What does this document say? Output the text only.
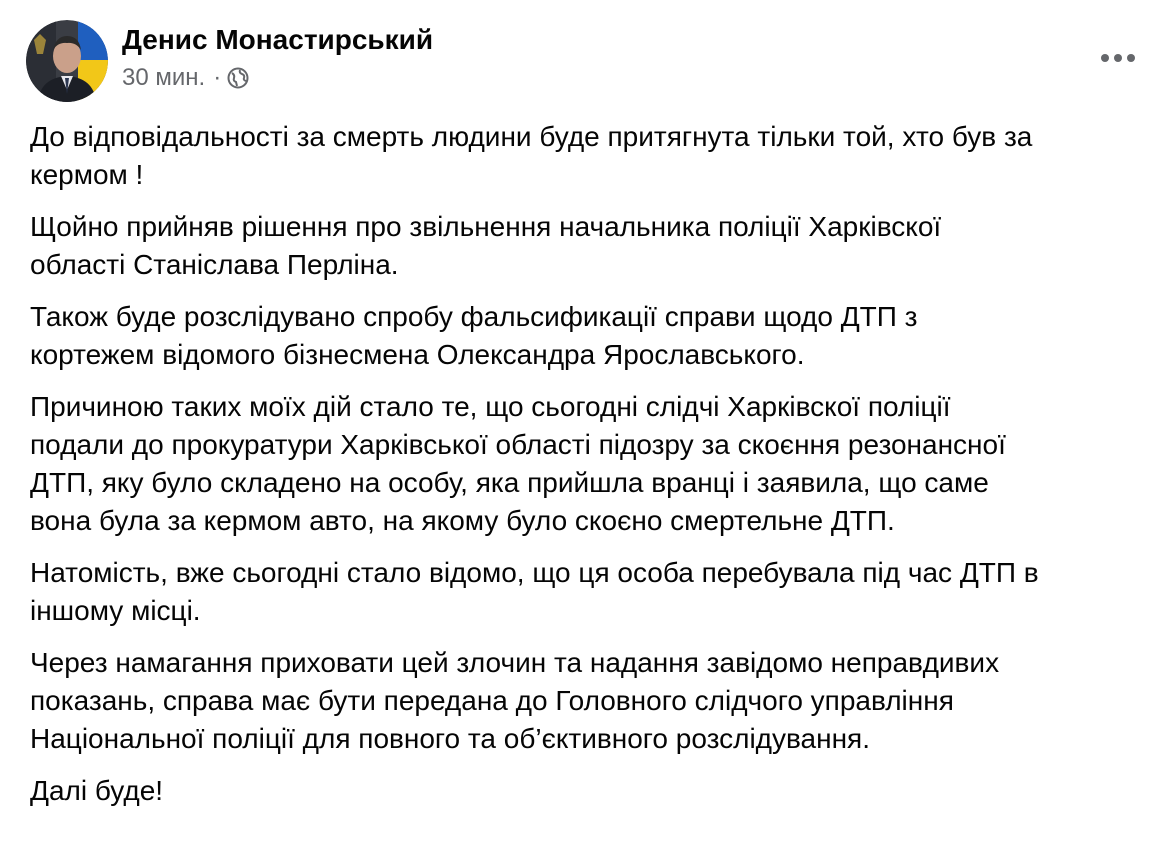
Денис Монастирський
30 мин. ·

До відповідальності за смерть людини буде притягнута тільки той, хто був за
кермом !

Щойно прийняв рішення про звільнення начальника поліції Харківскої
області Станіслава Перліна.

Також буде розслідувано спробу фальсификації справи щодо ДТП з
кортежем відомого бізнесмена Олександра Ярославського.

Причиною таких моїх дій стало те, що сьогодні слідчі Харківскої поліції
подали до прокуратури Харківської області підозру за скоєння резонансної
ДТП, яку було складено на особу, яка прийшла вранці і заявила, що саме
вона була за кермом авто, на якому було скоєно смертельне ДТП.

Натомість, вже сьогодні стало відомо, що ця особа перебувала під час ДТП в
іншому місці.

Через намагання приховати цей злочин та надання завідомо неправдивих
показань, справа має бути передана до Головного слідчого управління
Національної поліції для повного та об’єктивного розслідування.

Далі буде!
